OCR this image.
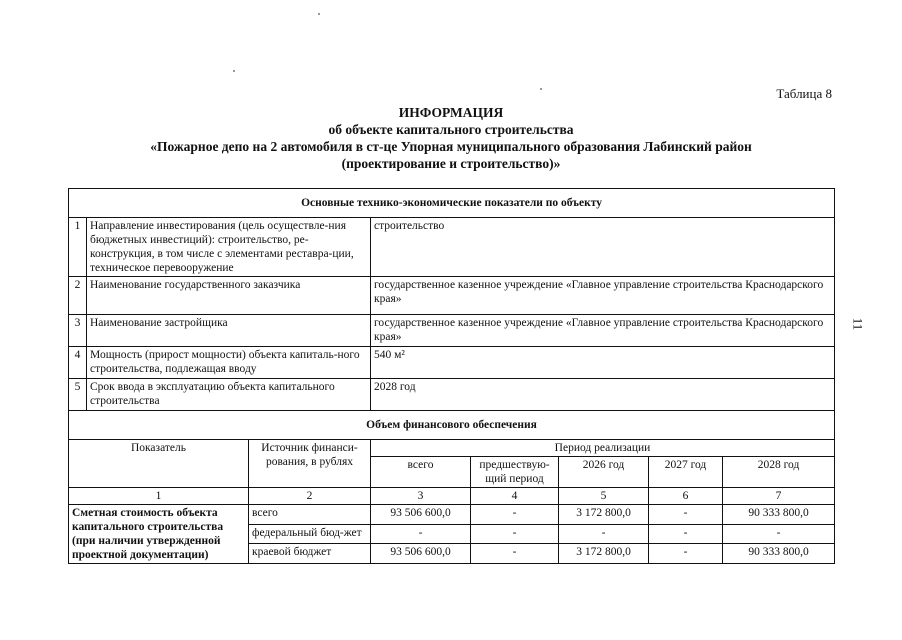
Таблица 8
ИНФОРМАЦИЯ
об объекте капитального строительства
«Пожарное депо на 2 автомобиля в ст-це Упорная муниципального образования Лабинский район
(проектирование и строительство)»
11
Основные технико-экономические показатели по объекту							
1	Направление инвестирования (цель осуществле-ния бюджетных инвестиций): строительство, ре-конструкция, в том числе с элементами реставра-ции, техническое перевооружение		строительство				
2	Наименование государственного заказчика		государственное казенное учреждение «Главное управление строительства Краснодарского края»				
3	Наименование застройщика		государственное казенное учреждение «Главное управление строительства Краснодарского края»				
4	Мощность (прирост мощности) объекта капиталь-ного строительства, подлежащая вводу		540 м²				
5	Срок ввода в эксплуатацию объекта капитального строительства		2028 год				
Объем финансового обеспечения							
Показатель		Источник финанси-рования, в рублях	Период реализации				
			всего	предшествую-щий период	2026 год	2027 год	2028 год
1		2	3	4	5	6	7
Сметная стоимость объекта капитального строительства (при наличии утвержденной проектной документации)		всего	93 506 600,0	-	3 172 800,0	-	90 333 800,0
		федеральный бюд-жет	-	-	-	-	-
		краевой бюджет	93 506 600,0	-	3 172 800,0	-	90 333 800,0
